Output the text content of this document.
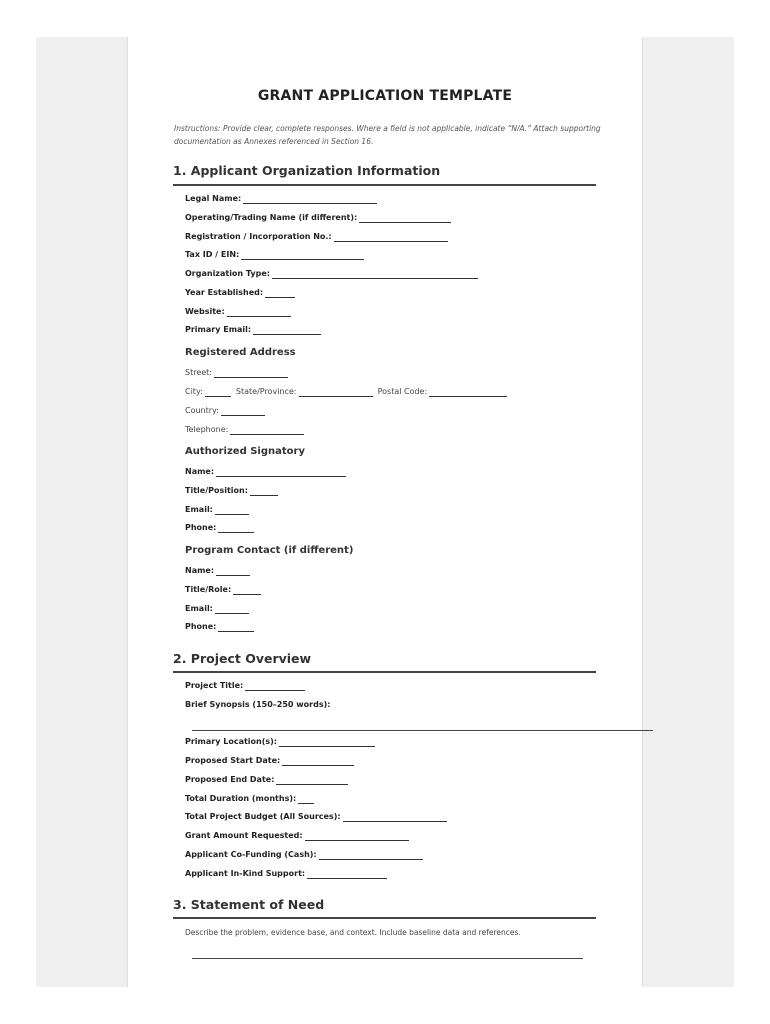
GRANT APPLICATION TEMPLATE
Instructions: Provide clear, complete responses. Where a field is not applicable, indicate “N/A.” Attach supporting documentation as Annexes referenced in Section 16.
1. Applicant Organization Information
Legal Name:
Operating/Trading Name (if different):
Registration / Incorporation No.:
Tax ID / EIN:
Organization Type:
Year Established:
Website:
Primary Email:
Registered Address
Street:
City:	State/Province:	Postal Code:
Country:
Telephone:
Authorized Signatory
Name:
Title/Position:
Email:
Phone:
Program Contact (if different)
Name:
Title/Role:
Email:
Phone:
2. Project Overview
Project Title:
Brief Synopsis (150–250 words):
Primary Location(s):
Proposed Start Date:
Proposed End Date:
Total Duration (months):
Total Project Budget (All Sources):
Grant Amount Requested:
Applicant Co-Funding (Cash):
Applicant In-Kind Support:
3. Statement of Need
Describe the problem, evidence base, and context. Include baseline data and references.
